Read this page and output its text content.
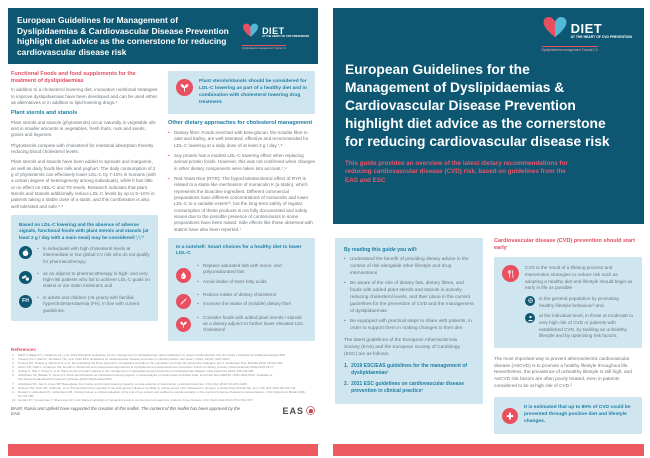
European Guidelines for Management of Dyslipidaemias & Cardiovascular Disease Prevention highlight diet advice as the cornerstone for reducing cardiovascular disease risk
DIET
AT THE HEART OF CVD PREVENTION
Dyslipidaemia management Tutorial 2.0
Functional Foods and food supplements for the treatment of dyslipidaemias

In addition to a cholesterol lowering diet, innovative nutritional strategies to improve dyslipidaemias have been developed and can be used either as alternatives or in addition to lipid-lowering drugs.⁴

Plant sterols and stanols

Plant sterols and stanols (phytosterols) occur naturally in vegetable oils and in smaller amounts in vegetables, fresh fruits, nuts and seeds, grains and legumes.

Phytosterols compete with cholesterol for intestinal absorption thereby reducing blood cholesterol levels.

Plant sterols and stanols have been added to spreads and margarine, as well as dairy foods like milk and yoghurt. The daily consumption of 2 g of phytosterols can effectively lower LDL-C by 7-10% in humans (with a certain degree of heterogeneity among individuals), while it has little or no effect on HDL-C and TG levels. Research indicates that plant sterols and stanols additionally reduce LDL-C levels by up to 5–10% in patients taking a stable dose of a statin, and this combination is also well tolerated and safe.⁵,⁶

Based on LDL-C lowering and the absence of adverse signals, functional foods with plant sterols and stanols (at least 2 g / day with a main meal) may be considered:¹,³,¹¹
• in individuals with high cholesterol levels at intermediate or low global CV risk who do not qualify for pharmacotherapy;
• as an adjunct to pharmacotherapy in high- and very high-risk patients who fail to achieve LDL-C goals on statins or are statin intolerant; and
FH
• in adults and children (>6 years) with familial hypercholesterolaemia (FH), in line with current guidelines.
Plant sterols/stanols should be considered for LDL-C lowering as part of a healthy diet and in combination with cholesterol lowering drug treatment.
Other dietary approaches for cholesterol management
• Dietary fibre: Foods enriched with beta-glucan, the soluble fibre in oats and barley, are well tolerated, effective and recommended for LDL-C lowering at a daily dose of at least 3 g / day.⁷,⁸
• Soy protein has a modest LDL-C lowering effect when replacing animal protein foods. However, this was not confirmed when changes in other dietary components were taken into account.⁷,⁹
• Red Yeast Rice (RYR): The hypocholesterolemic effect of RYR is related to a statin-like mechanism of monacolin K (a statin), which represents the bioactive ingredient. Different commercial preparations have different concentrations of monacolin and lower LDL-C to a variable extent¹⁰, but the long-term safety of regular consumption of these products is not fully documented and safety issues due to the possible presence of contaminants in some preparations have been raised. Side effects like those observed with statins have also been reported.⁷
In a nutshell: Smart choices for a healthy diet to lower LDL-C
• Replace saturated fats with mono- and polyunsaturated fats
• Avoid intake of trans fatty acids
• Reduce intake of dietary cholesterol
• Increase the intake of (soluble) dietary fibre
• Consider foods with added plant sterols / stanols as a dietary adjunct to further lower elevated LDL-cholesterol
References
Mach F, Baigent C, Catapano AL, et al. 2019 ESC/EAS Guidelines for the management of dyslipidaemias: lipid modification to reduce cardiovascular risk. Eur Heart J 2019;doi:10.1093/eurheartj/ehz455.
Visseren FLJ, Mach F, Smulders YM, et al. 2021 ESC Guidelines on cardiovascular disease prevention in clinical practice. Eur Heart J 2021; 42(34): 3227-3337.
Cooney MT, Dudina A, Whincup P, et al. Re-evaluating the Rose approach: comparative benefits of the population and high-risk preventive strategies. Eur J Cardiovasc Prev Rehabil 2009; 16:541-549.
Sirtori CR, Galli C, Anderson JW, Arnoldi A. Nutritional and nutraceutical approaches to dyslipidemia and atherosclerosis prevention: Focus on dietary proteins. Atherosclerosis 2009;203(1):8-17.
Gylling H, Plat J, Turley S, et al. Plant sterols and plant stanols in the management of dyslipidaemia and prevention of cardiovascular disease. Atherosclerosis 2014; 232:346-360.
AbuMweis SS, Barake R, Jones PJ. Plant sterols/stanols as cholesterol lowering agents: a meta-analysis of randomized controlled trials. Food Nutr Res 2008;52. ISSN 1654-661X. Available at: http://www.foodandnutritionresearch.net/index.php/fnr/article/view/1811
AbuMweis SS, Jew S, Ames NP. Beta-glucan from barley and its lipid lowering capacity: a meta-analysis of randomized, controlled trials. Eur J Clin Nutr 2010; 64:1472-1480.
Wolever TM, Tosh SM, Gibbs AL, et al. Physicochemical properties of oat beta-glucan influence its ability to reduce serum LDL cholesterol in humans: a randomized clinical trial. Am J Clin Nutr 2010;92:723-732.
Dewell A, Hollenbeck PL, Hollenbeck CB. Clinical review: a critical evaluation of the role of soy protein and isoflavone supplementation in the control of plasma cholesterol concentrations. J Clin Endocrinol Metab 2006; 91:772-780.
Gordon RY, Cooperman T, Obermeyer W, et al. Marked variability of monacolin levels in commercial red yeast rice products: buyer beware. Arch Intern Med 2010;170:1722-1727.
BASF, Raisio and Upfield have supported the creation of this leaflet. The content of this leaflet has been approved by the EAS.	EAS
DIET
AT THE HEART OF CVD PREVENTION
Dyslipidaemia management Tutorial 2.0
European Guidelines for the Management of Dyslipidaemias & Cardiovascular Disease Prevention highlight diet advice as the cornerstone for reducing cardiovascular disease risk
This guide provides an overview of the latest dietary recommendations for reducing cardiovascular disease (CVD) risk, based on guidelines from the EAS and ESC
By reading this guide you will:
• Understand the benefit of providing dietary advice in the context of risk alongside other lifestyle and drug interventions
• Be aware of the role of dietary fats, dietary fibres, and foods with added plant sterols and stanols in actively reducing cholesterol levels, and their place in the current guidelines for the prevention of CVD and the management of dyslipidaemias
• Be equipped with practical steps to share with patients, in order to support them in making changes to their diet
The latest guidelines of the European Atherosclerosis Society (EAS) and the European Society of Cardiology (ESC) are as follows:
1. 2019 ESC/EAS guidelines for the management of dyslipidaemias¹
2. 2021 ESC guidelines on cardiovascular disease prevention in clinical practice²
Cardiovascular disease (CVD) prevention should start early
CVD is the result of a lifelong process and intervention strategies to reduce risk such as adopting a healthy diet and lifestyle should begin as early in life as possible
in the general population by promoting healthy lifestyle behaviour³ and
at the individual level, in those at moderate to very high risk of CVD or patients with established CVD, by tackling an unhealthy lifestyle and by optimising risk factors.

The most important way to prevent atherosclerotic cardiovascular disease (ASCVD) is to promote a healthy lifestyle throughout life. Nevertheless, the prevalence of unhealthy lifestyle is still high, and ASCVD risk factors are often poorly treated, even in patients considered to be at high risk of CVD.²

It is estimated that up to 80% of CVD could be prevented through positive diet and lifestyle changes.
